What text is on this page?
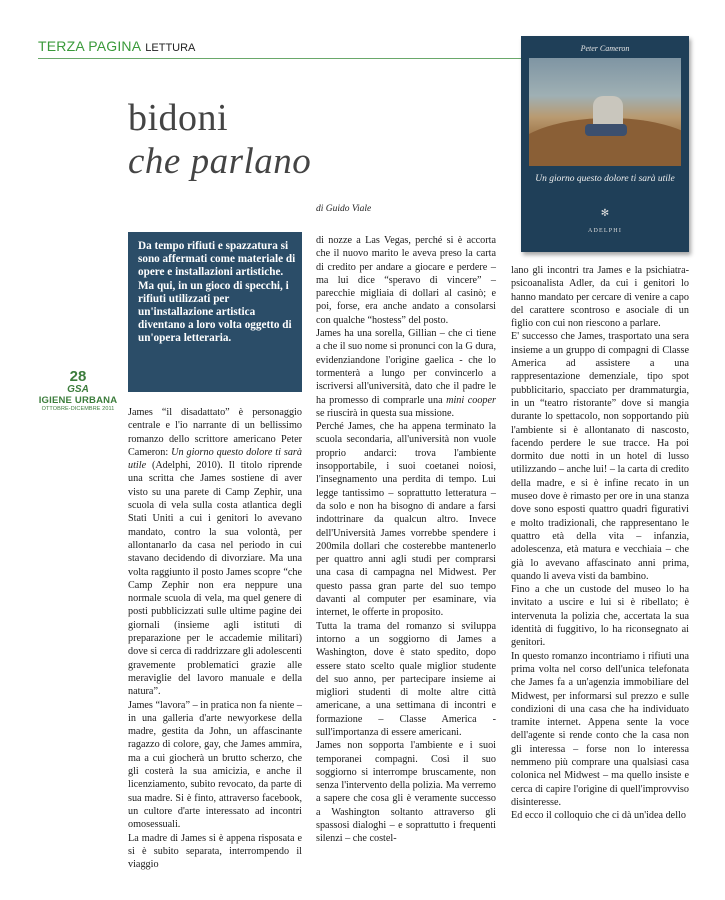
TERZA PAGINA LETTURA
bidoni
che parlano
di Guido Viale
Peter Cameron
Un giorno questo dolore ti sarà utile
✻
ADELPHI

Da tempo rifiuti e spazzatura si sono affermati come materiale di opere e installazioni artistiche. Ma qui, in un gioco di specchi, i rifiuti utilizzati per un'installazione artistica diventano a loro volta oggetto di un'opera letteraria.

28
GSA
IGIENE URBANA
OTTOBRE-DICEMBRE 2011	James “il disadattato” è personaggio centrale e l'io narrante di un bellissimo romanzo dello scrittore americano Peter Cameron: Un giorno questo dolore ti sarà utile (Adelphi, 2010). Il titolo riprende una scritta che James sostiene di aver visto su una parete di Camp Zephir, una scuola di vela sulla costa atlantica degli Stati Uniti a cui i genitori lo avevano mandato, contro la sua volontà, per allontanarlo da casa nel periodo in cui stavano decidendo di divorziare. Ma una volta raggiunto il posto James scopre “che Camp Zephir non era neppure una normale scuola di vela, ma quel genere di posti pubblicizzati sulle ultime pagine dei giornali (insieme agli istituti di preparazione per le accademie militari) dove si cerca di raddrizzare gli adolescenti gravemente problematici grazie alle meraviglie del lavoro manuale e della natura”.

James “lavora” – in pratica non fa niente – in una galleria d'arte newyorkese della madre, gestita da John, un affascinante ragazzo di colore, gay, che James ammira, ma a cui giocherà un brutto scherzo, che gli costerà la sua amicizia, e anche il licenziamento, subito revocato, da parte di sua madre. Si è finto, attraverso facebook, un cultore d'arte interessato ad incontri omosessuali.

La madre di James si è appena risposata e si è subito separata, interrompendo il viaggio

di nozze a Las Vegas, perché si è accorta che il nuovo marito le aveva preso la carta di credito per andare a giocare e perdere – ma lui dice “speravo di vincere” – parecchie migliaia di dollari al casinò; e poi, forse, era anche andato a consolarsi con qualche “hostess” del posto.

James ha una sorella, Gillian – che ci tiene a che il suo nome si pronunci con la G dura, evidenziandone l'origine gaelica - che lo tormenterà a lungo per convincerlo a iscriversi all'università, dato che il padre le ha promesso di comprarle una mini cooper se riuscirà in questa sua missione.

Perché James, che ha appena terminato la scuola secondaria, all'università non vuole proprio andarci: trova l'ambiente insopportabile, i suoi coetanei noiosi, l'insegnamento una perdita di tempo. Lui legge tantissimo – soprattutto letteratura – da solo e non ha bisogno di andare a farsi indottrinare da qualcun altro. Invece dell'Università James vorrebbe spendere i 200mila dollari che costerebbe mantenerlo per quattro anni agli studi per comprarsi una casa di campagna nel Midwest. Per questo passa gran parte del suo tempo davanti al computer per esaminare, via internet, le offerte in proposito.

Tutta la trama del romanzo si sviluppa intorno a un soggiorno di James a Washington, dove è stato spedito, dopo essere stato scelto quale miglior studente del suo anno, per partecipare insieme ai migliori studenti di molte altre città americane, a una settimana di incontri e formazione – Classe America - sull'importanza di essere americani.

James non sopporta l'ambiente e i suoi temporanei compagni. Così il suo soggiorno si interrompe bruscamente, non senza l'intervento della polizia. Ma verremo a sapere che cosa gli è veramente successo a Washington soltanto attraverso gli spassosi dialoghi – e soprattutto i frequenti silenzi – che costel-

lano gli incontri tra James e la psichiatra-psicoanalista Adler, da cui i genitori lo hanno mandato per cercare di venire a capo del carattere scontroso e asociale di un figlio con cui non riescono a parlare.

E' successo che James, trasportato una sera insieme a un gruppo di compagni di Classe America ad assistere a una rappresentazione demenziale, tipo spot pubblicitario, spacciato per drammaturgia, in un “teatro ristorante” dove si mangia durante lo spettacolo, non sopportando più l'ambiente si è allontanato di nascosto, facendo perdere le sue tracce. Ha poi dormito due notti in un hotel di lusso utilizzando – anche lui! – la carta di credito della madre, e si è infine recato in un museo dove è rimasto per ore in una stanza dove sono esposti quattro quadri figurativi e molto tradizionali, che rappresentano le quattro età della vita – infanzia, adolescenza, età matura e vecchiaia – che già lo avevano affascinato anni prima, quando li aveva visti da bambino.

Fino a che un custode del museo lo ha invitato a uscire e lui si è ribellato; è intervenuta la polizia che, accertata la sua identità di fuggitivo, lo ha riconsegnato ai genitori.

In questo romanzo incontriamo i rifiuti una prima volta nel corso dell'unica telefonata che James fa a un'agenzia immobiliare del Midwest, per informarsi sul prezzo e sulle condizioni di una casa che ha individuato tramite internet. Appena sente la voce dell'agente si rende conto che la casa non gli interessa – forse non lo interessa nemmeno più comprare una qualsiasi casa colonica nel Midwest – ma quello insiste e cerca di capire l'origine di quell'improvviso disinteresse.

Ed ecco il colloquio che ci dà un'idea dello
